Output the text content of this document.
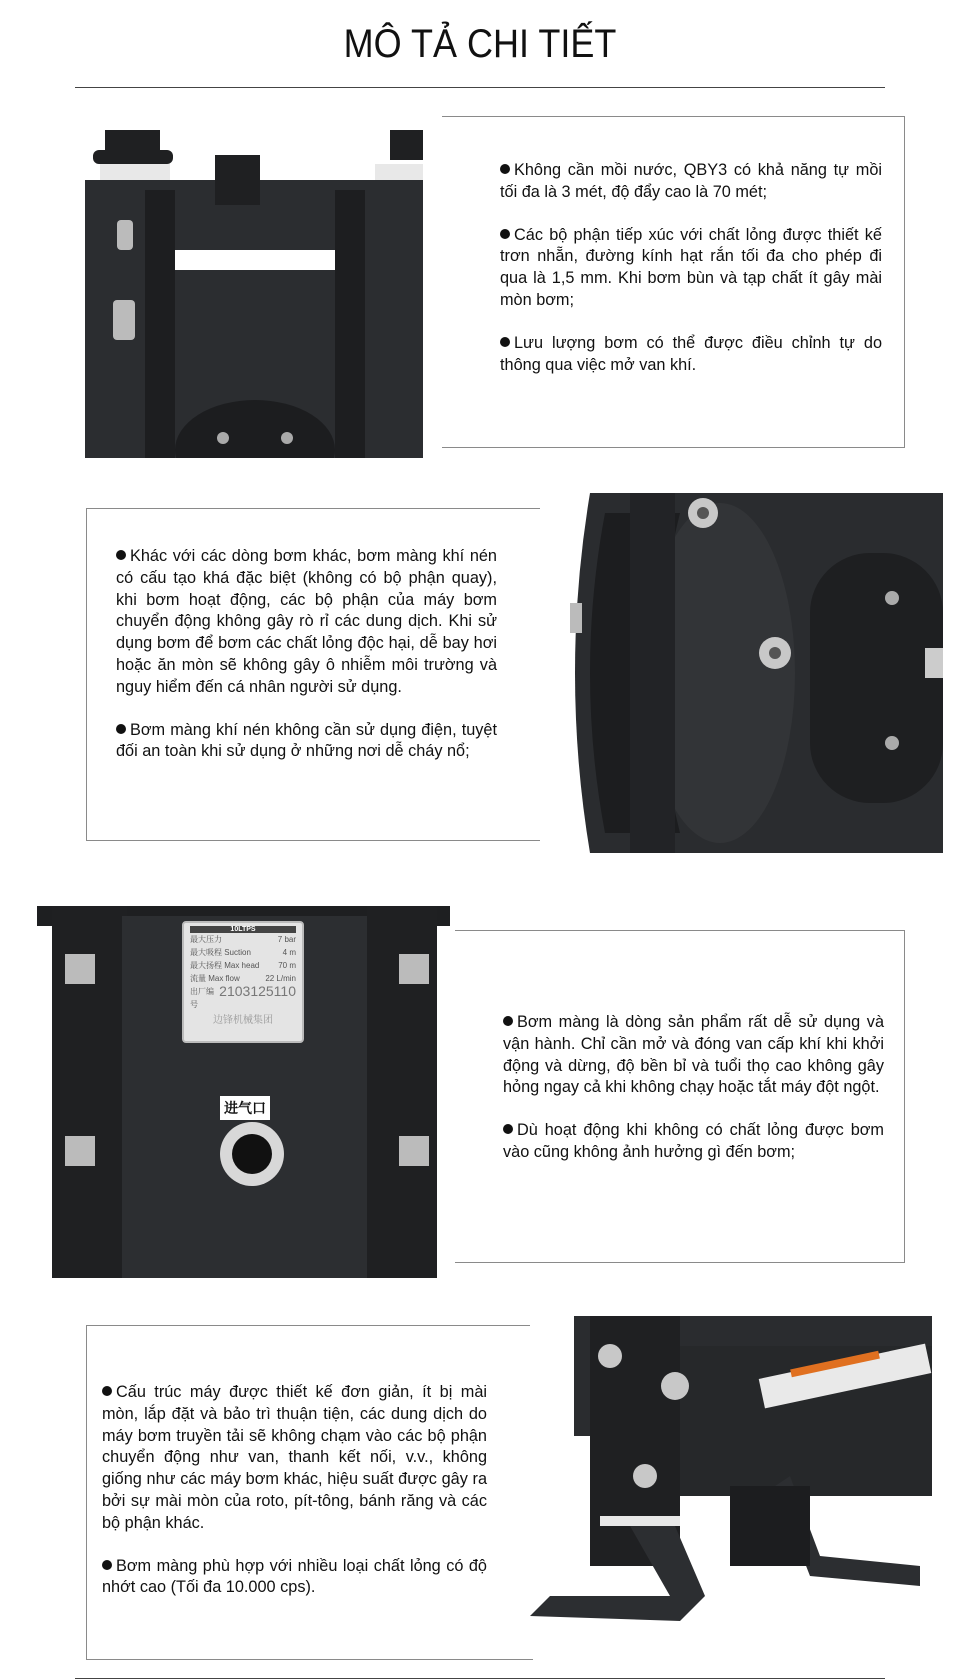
MÔ TẢ CHI TIẾT

Không cần mồi nước, QBY3 có khả năng tự mồi tối đa là 3 mét, độ đẩy cao là 70 mét;

Các bộ phận tiếp xúc với chất lỏng được thiết kế trơn nhẵn, đường kính hạt rắn tối đa cho phép đi qua là 1,5 mm. Khi bơm bùn và tạp chất ít gây mài mòn bơm;

Lưu lượng bơm có thể được điều chỉnh tự do thông qua việc mở van khí.

Khác với các dòng bơm khác, bơm màng khí nén có cấu tạo khá đặc biệt (không có bộ phận quay), khi bơm hoạt động, các bộ phận của máy bơm chuyển động không gây rò rỉ các dung dịch. Khi sử dụng bơm để bơm các chất lỏng độc hại, dễ bay hơi hoặc ăn mòn sẽ không gây ô nhiễm môi trường và nguy hiểm đến cá nhân người sử dụng.

Bơm màng khí nén không cần sử dụng điện, tuyệt đối an toàn khi sử dụng ở những nơi dễ cháy nổ;

10LTPS
最大压力	7 bar
最大吸程 Suction	4 m
最大扬程 Max head 70 m
流量 Max flow	22 L/min
出厂编号
2103125110
边锋机械集团
进气口

Bơm màng là dòng sản phẩm rất dễ sử dụng và vận hành. Chỉ cần mở và đóng van cấp khí khi khởi động và dừng, độ bền bỉ và tuổi thọ cao không gây hỏng ngay cả khi không chạy hoặc tắt máy đột ngột.

Dù hoạt động khi không có chất lỏng được bơm vào cũng không ảnh hưởng gì đến bơm;

Cấu trúc máy được thiết kế đơn giản, ít bị mài mòn, lắp đặt và bảo trì thuận tiện, các dung dịch do máy bơm truyền tải sẽ không chạm vào các bộ phận chuyển động như van, thanh kết nối, v.v., không giống như các máy bơm khác, hiệu suất được gây ra bởi sự mài mòn của roto, pít-tông, bánh răng và các bộ phận khác.

Bơm màng phù hợp với nhiều loại chất lỏng có độ nhớt cao (Tối đa 10.000 cps).
